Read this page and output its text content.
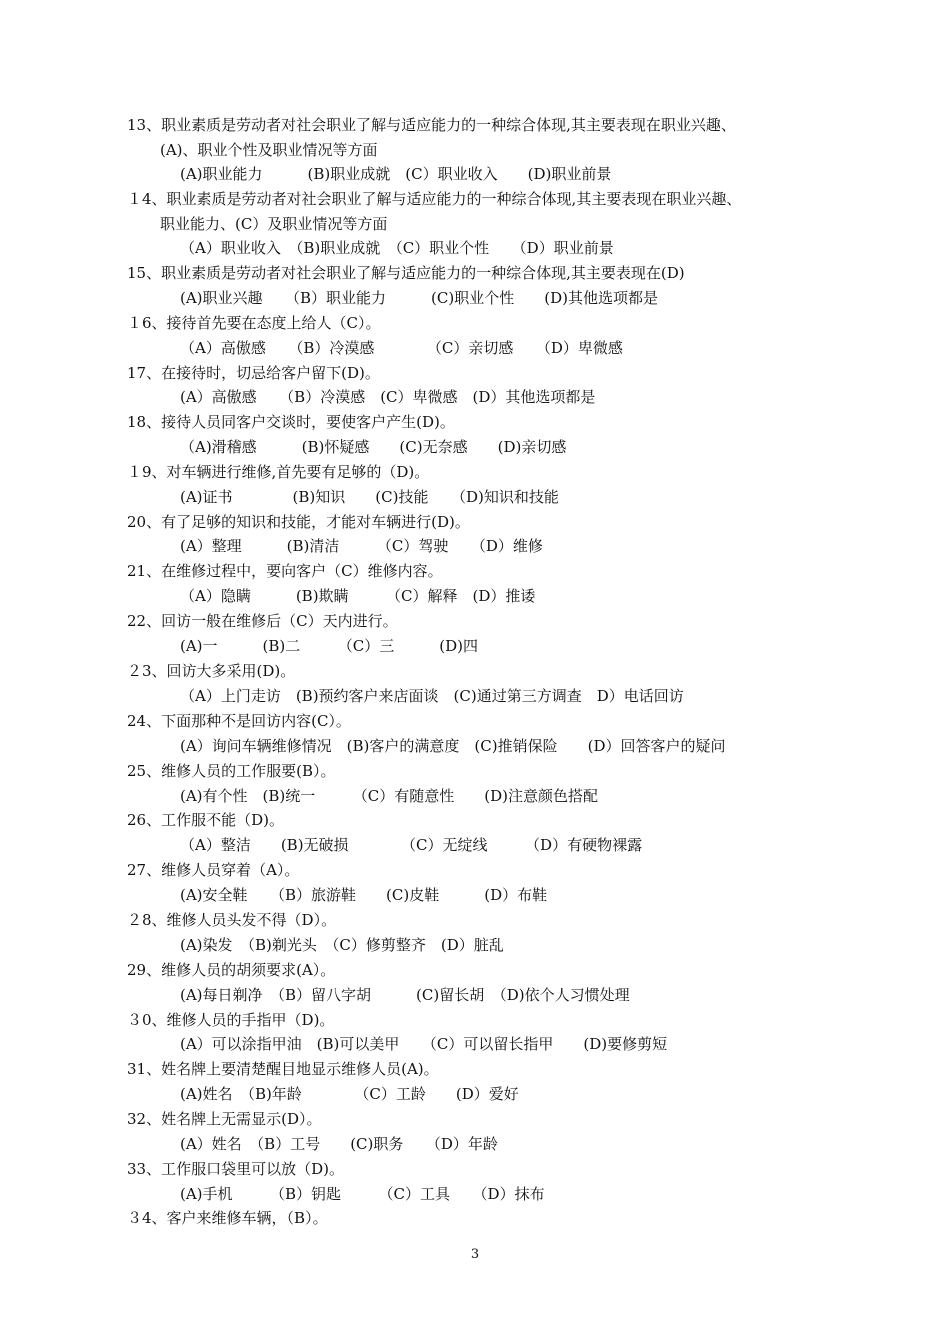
13、职业素质是劳动者对社会职业了解与适应能力的一种综合体现,其主要表现在职业兴趣、
(A)、职业个性及职业情况等方面
(A)职业能力　　　(B)职业成就　(C）职业收入　　(D)职业前景
１4、职业素质是劳动者对社会职业了解与适应能力的一种综合体现,其主要表现在职业兴趣、
职业能力、(C）及职业情况等方面
（A）职业收入　（B)职业成就　（C）职业个性　　（D）职业前景
15、职业素质是劳动者对社会职业了解与适应能力的一种综合体现,其主要表现在(D)
(A)职业兴趣　　（B）职业能力　　　(C)职业个性　　(D)其他选项都是
１6、接待首先要在态度上给人（C）。
（A）高傲感　　（B）冷漠感　　　　（C）亲切感　　（D）卑微感
17、在接待时，切忌给客户留下(D)。
(A）高傲感　　（B）冷漠感　(C）卑微感　(D）其他选项都是
18、接待人员同客户交谈时，要使客户产生(D)。
（A)滑稽感　　　(B)怀疑感　　(C)无奈感　　(D)亲切感
１9、对车辆进行维修,首先要有足够的（D)。
(A)证书　　　　(B)知识　　(C)技能　　（D)知识和技能
20、有了足够的知识和技能，才能对车辆进行(D)。
(A）整理　　　(B)清洁　　　（C）驾驶　　（D）维修
21、在维修过程中，要向客户（C）维修内容。
（A）隐瞒　　　(B)欺瞒　　　（C）解释　(D）推诿
22、回访一般在维修后（C）天内进行。
(A)一　　　(B)二　　　（C）三　　　(D)四
２3、回访大多采用(D)。
（A）上门走访　(B)预约客户来店面谈　(C)通过第三方调查　D）电话回访
24、下面那种不是回访内容(C）。
(A）询问车辆维修情况　(B)客户的满意度　(C)推销保险　　(D）回答客户的疑问
25、维修人员的工作服要(B）。
(A)有个性　(B)统一　　　（C）有随意性　　(D)注意颜色搭配
26、工作服不能（D)。
（A）整洁　　(B)无破损　　　　（C）无绽线　　　（D）有硬物裸露
27、维修人员穿着（A）。
(A)安全鞋　　（B）旅游鞋　　(C)皮鞋　　　(D）布鞋
２8、维修人员头发不得（D）。
(A)染发　（B)剃光头　（C）修剪整齐　(D）脏乱
29、维修人员的胡须要求(A）。
(A)每日剃净　（B）留八字胡　　　(C)留长胡　（D)依个人习惯处理
３0、维修人员的手指甲（D)。
(A）可以涂指甲油　(B)可以美甲　　（C）可以留长指甲　　(D)要修剪短
31、姓名牌上要清楚醒目地显示维修人员(A)。
(A)姓名　（B)年龄　　　　（C）工龄　　(D）爱好
32、姓名牌上无需显示(D）。
(A）姓名　（B）工号　　(C)职务　　（D）年龄
33、工作服口袋里可以放（D)。
(A)手机　　　（B）钥匙　　　（C）工具　　（D）抹布
３4、客户来维修车辆，（B）。
3
